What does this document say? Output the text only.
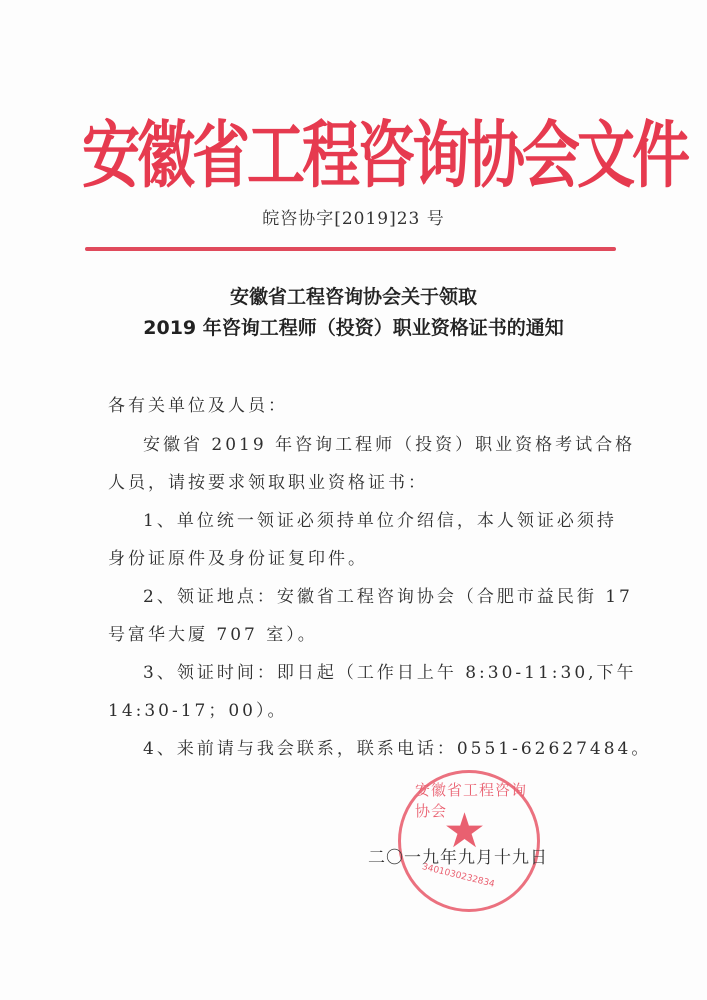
安徽省工程咨询协会文件
皖咨协字[2019]23 号
安徽省工程咨询协会关于领取
2019 年咨询工程师（投资）职业资格证书的通知
各有关单位及人员：
安徽省 2019 年咨询工程师（投资）职业资格考试合格
人员，请按要求领取职业资格证书：
1、单位统一领证必须持单位介绍信，本人领证必须持
身份证原件及身份证复印件。
2、领证地点：安徽省工程咨询协会（合肥市益民街 17
号富华大厦 707 室）。
3、领证时间：即日起（工作日上午 8:30-11:30,下午
14:30-17；00）。
4、来前请与我会联系，联系电话：0551-62627484。
安徽省工程咨询协会
★
3401030232834
二〇一九年九月十九日
